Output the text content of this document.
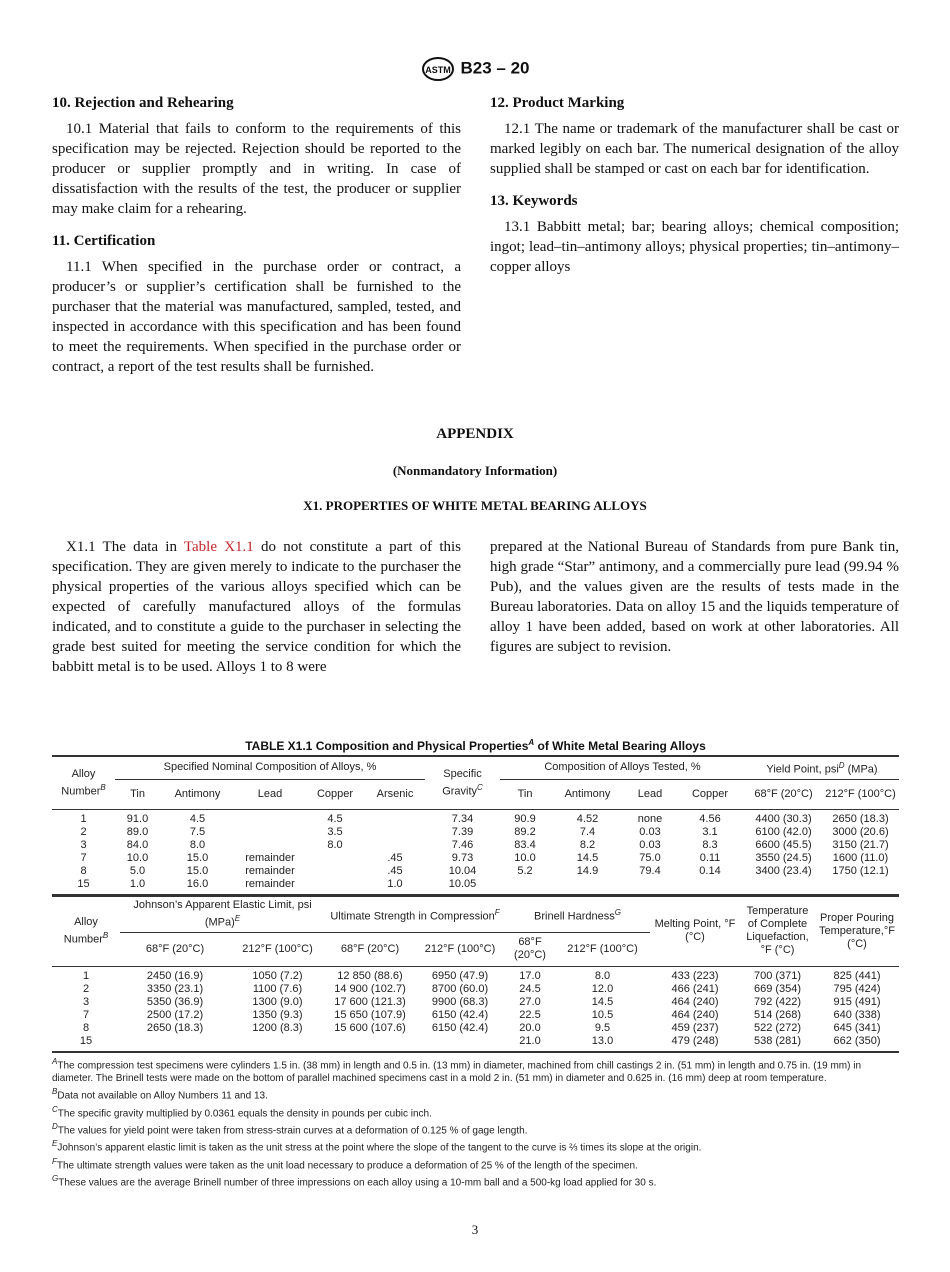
ASTM B23 – 20
10. Rejection and Rehearing

10.1 Material that fails to conform to the requirements of this specification may be rejected. Rejection should be reported to the producer or supplier promptly and in writing. In case of dissatisfaction with the results of the test, the producer or supplier may make claim for a rehearing.

11. Certification

11.1 When specified in the purchase order or contract, a producer’s or supplier’s certification shall be furnished to the purchaser that the material was manufactured, sampled, tested, and inspected in accordance with this specification and has been found to meet the requirements. When specified in the purchase order or contract, a report of the test results shall be furnished.

12. Product Marking

12.1 The name or trademark of the manufacturer shall be cast or marked legibly on each bar. The numerical designation of the alloy supplied shall be stamped or cast on each bar for identification.

13. Keywords

13.1 Babbitt metal; bar; bearing alloys; chemical composition; ingot; lead–tin–antimony alloys; physical properties; tin–antimony–copper alloys

APPENDIX
(Nonmandatory Information)
X1. PROPERTIES OF WHITE METAL BEARING ALLOYS

X1.1 The data in Table X1.1 do not constitute a part of this specification. They are given merely to indicate to the purchaser the physical properties of the various alloys specified which can be expected of carefully manufactured alloys of the formulas indicated, and to constitute a guide to the purchaser in selecting the grade best suited for meeting the service condition for which the babbitt metal is to be used. Alloys 1 to 8 were

prepared at the National Bureau of Standards from pure Bank tin, high grade “Star” antimony, and a commercially pure lead (99.94 % Pub), and the values given are the results of tests made in the Bureau laboratories. Data on alloy 15 and the liquids temperature of alloy 1 have been added, based on work at other laboratories. All figures are subject to revision.

TABLE X1.1 Composition and Physical Properties$^A$ of White Metal Bearing Alloys
Alloy Number$^B$	Specified Nominal Composition of Alloys, %					Specific Gravity$^C$	Composition of Alloys Tested, %				Yield Point, psi$^D$ (MPa)	
	Tin	Antimony	Lead	Copper	Arsenic		Tin	Antimony	Lead	Copper	68°F (20°C)	212°F (100°C)
1	91.0	4.5		4.5		7.34	90.9	4.52	none	4.56	4400 (30.3)	2650 (18.3)
2	89.0	7.5		3.5		7.39	89.2	7.4	0.03	3.1	6100 (42.0)	3000 (20.6)
3	84.0	8.0		8.0		7.46	83.4	8.2	0.03	8.3	6600 (45.5)	3150 (21.7)
7	10.0	15.0	remainder		.45	9.73	10.0	14.5	75.0	0.11	3550 (24.5)	1600 (11.0)
8	5.0	15.0	remainder		.45	10.04	5.2	14.9	79.4	0.14	3400 (23.4)	1750 (12.1)
15	1.0	16.0	remainder		1.0	10.05						
Alloy Number$^B$	Johnson’s Apparent Elastic Limit, psi (MPa)$^E$		Ultimate Strength in Compression$^F$		Brinell Hardness$^G$		Melting Point, °F (°C)	Temperature of Complete Liquefaction,°F (°C)	Proper Pouring Temperature,°F (°C)
	68°F (20°C)	212°F (100°C)	68°F (20°C)	212°F (100°C)	68°F (20°C)	212°F (100°C)			
1	2450 (16.9)	1050 (7.2)	12 850 (88.6)	6950 (47.9)	17.0	8.0	433 (223)	700 (371)	825 (441)
2	3350 (23.1)	1100 (7.6)	14 900 (102.7)	8700 (60.0)	24.5	12.0	466 (241)	669 (354)	795 (424)
3	5350 (36.9)	1300 (9.0)	17 600 (121.3)	9900 (68.3)	27.0	14.5	464 (240)	792 (422)	915 (491)
7	2500 (17.2)	1350 (9.3)	15 650 (107.9)	6150 (42.4)	22.5	10.5	464 (240)	514 (268)	640 (338)
8	2650 (18.3)	1200 (8.3)	15 600 (107.6)	6150 (42.4)	20.0	9.5	459 (237)	522 (272)	645 (341)
15					21.0	13.0	479 (248)	538 (281)	662 (350)
$^A$The compression test specimens were cylinders 1.5 in. (38 mm) in length and 0.5 in. (13 mm) in diameter, machined from chill castings 2 in. (51 mm) in length and 0.75 in. (19 mm) in diameter. The Brinell tests were made on the bottom of parallel machined specimens cast in a mold 2 in. (51 mm) in diameter and 0.625 in. (16 mm) deep at room temperature.
$^B$Data not available on Alloy Numbers 11 and 13.
$^C$The specific gravity multiplied by 0.0361 equals the density in pounds per cubic inch.
$^D$The values for yield point were taken from stress-strain curves at a deformation of 0.125 % of gage length.
$^E$Johnson’s apparent elastic limit is taken as the unit stress at the point where the slope of the tangent to the curve is ⅔ times its slope at the origin.
$^F$The ultimate strength values were taken as the unit load necessary to produce a deformation of 25 % of the length of the specimen.
$^G$These values are the average Brinell number of three impressions on each alloy using a 10-mm ball and a 500-kg load applied for 30 s.
3
